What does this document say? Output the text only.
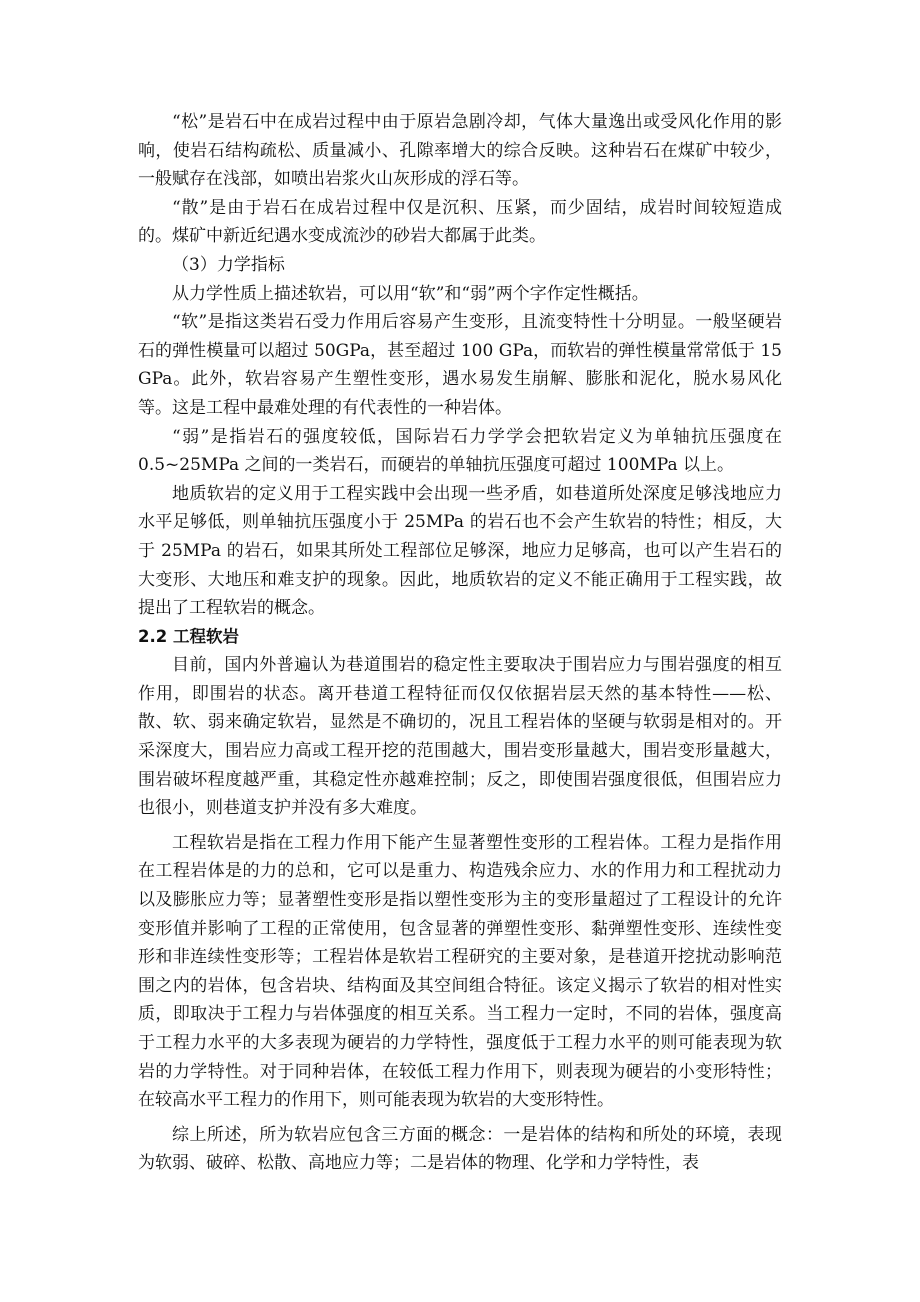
“松”是岩石中在成岩过程中由于原岩急剧冷却，气体大量逸出或受风化作用的影响，使岩石结构疏松、质量减小、孔隙率增大的综合反映。这种岩石在煤矿中较少，一般赋存在浅部，如喷出岩浆火山灰形成的浮石等。

“散”是由于岩石在成岩过程中仅是沉积、压紧，而少固结，成岩时间较短造成的。煤矿中新近纪遇水变成流沙的砂岩大都属于此类。

（3）力学指标

从力学性质上描述软岩，可以用“软”和“弱”两个字作定性概括。

“软”是指这类岩石受力作用后容易产生变形，且流变特性十分明显。一般坚硬岩石的弹性模量可以超过 50GPa，甚至超过 100 GPa，而软岩的弹性模量常常低于 15 GPa。此外，软岩容易产生塑性变形，遇水易发生崩解、膨胀和泥化，脱水易风化等。这是工程中最难处理的有代表性的一种岩体。

“弱”是指岩石的强度较低，国际岩石力学学会把软岩定义为单轴抗压强度在 0.5~25MPa 之间的一类岩石，而硬岩的单轴抗压强度可超过 100MPa 以上。

地质软岩的定义用于工程实践中会出现一些矛盾，如巷道所处深度足够浅地应力水平足够低，则单轴抗压强度小于 25MPa 的岩石也不会产生软岩的特性；相反，大于 25MPa 的岩石，如果其所处工程部位足够深，地应力足够高，也可以产生岩石的大变形、大地压和难支护的现象。因此，地质软岩的定义不能正确用于工程实践，故提出了工程软岩的概念。

2.2 工程软岩

目前，国内外普遍认为巷道围岩的稳定性主要取决于围岩应力与围岩强度的相互作用，即围岩的状态。离开巷道工程特征而仅仅依据岩层天然的基本特性——松、散、软、弱来确定软岩，显然是不确切的，况且工程岩体的坚硬与软弱是相对的。开采深度大，围岩应力高或工程开挖的范围越大，围岩变形量越大，围岩变形量越大，围岩破坏程度越严重，其稳定性亦越难控制；反之，即使围岩强度很低，但围岩应力也很小，则巷道支护并没有多大难度。

工程软岩是指在工程力作用下能产生显著塑性变形的工程岩体。工程力是指作用在工程岩体是的力的总和，它可以是重力、构造残余应力、水的作用力和工程扰动力以及膨胀应力等；显著塑性变形是指以塑性变形为主的变形量超过了工程设计的允许变形值并影响了工程的正常使用，包含显著的弹塑性变形、黏弹塑性变形、连续性变形和非连续性变形等；工程岩体是软岩工程研究的主要对象，是巷道开挖扰动影响范围之内的岩体，包含岩块、结构面及其空间组合特征。该定义揭示了软岩的相对性实质，即取决于工程力与岩体强度的相互关系。当工程力一定时，不同的岩体，强度高于工程力水平的大多表现为硬岩的力学特性，强度低于工程力水平的则可能表现为软岩的力学特性。对于同种岩体，在较低工程力作用下，则表现为硬岩的小变形特性；在较高水平工程力的作用下，则可能表现为软岩的大变形特性。

综上所述，所为软岩应包含三方面的概念：一是岩体的结构和所处的环境，表现为软弱、破碎、松散、高地应力等；二是岩体的物理、化学和力学特性，表
